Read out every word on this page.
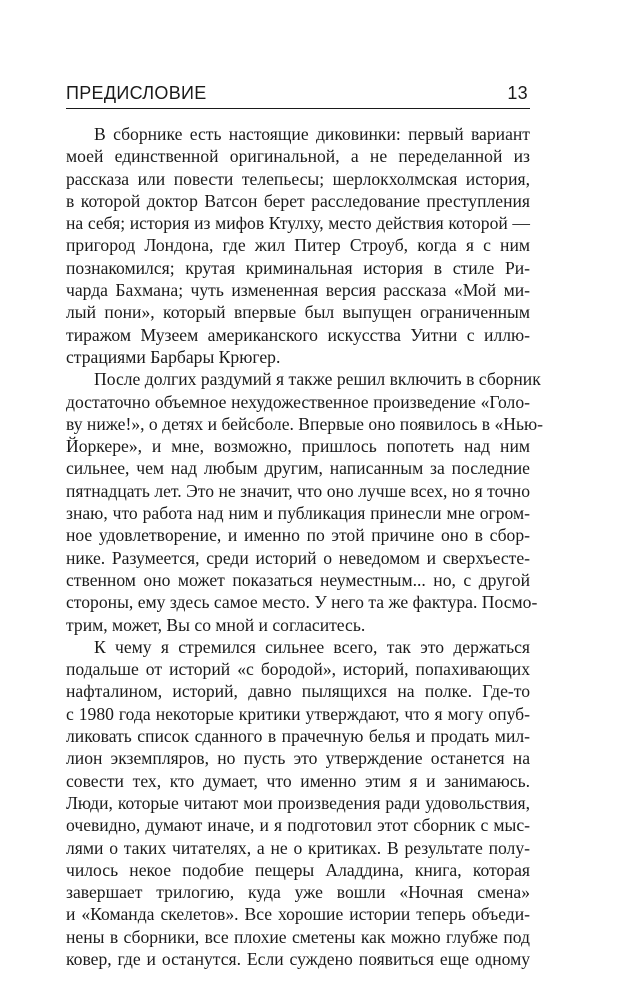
ПРЕДИСЛОВИЕ	13
В сборнике есть настоящие диковинки: первый вариант
моей единственной оригинальной, а не переделанной из
рассказа или повести телепьесы; шерлокхолмская история,
в которой доктор Ватсон берет расследование преступления
на себя; история из мифов Ктулху, место действия которой —
пригород Лондона, где жил Питер Строуб, когда я с ним
познакомился; крутая криминальная история в стиле Ри-
чарда Бахмана; чуть измененная версия рассказа «Мой ми-
лый пони», который впервые был выпущен ограниченным
тиражом Музеем американского искусства Уитни с иллю-
страциями Барбары Крюгер.
После долгих раздумий я также решил включить в сборник
достаточно объемное нехудожественное произведение «Голо-
ву ниже!», о детях и бейсболе. Впервые оно появилось в «Нью-
Йоркере», и мне, возможно, пришлось попотеть над ним
сильнее, чем над любым другим, написанным за последние
пятнадцать лет. Это не значит, что оно лучше всех, но я точно
знаю, что работа над ним и публикация принесли мне огром-
ное удовлетворение, и именно по этой причине оно в сбор-
нике. Разумеется, среди историй о неведомом и сверхъесте-
ственном оно может показаться неуместным... но, с другой
стороны, ему здесь самое место. У него та же фактура. Посмо-
трим, может, Вы со мной и согласитесь.
К чему я стремился сильнее всего, так это держаться
подальше от историй «с бородой», историй, попахивающих
нафталином, историй, давно пылящихся на полке. Где-то
с 1980 года некоторые критики утверждают, что я могу опуб-
ликовать список сданного в прачечную белья и продать мил-
лион экземпляров, но пусть это утверждение останется на
совести тех, кто думает, что именно этим я и занимаюсь.
Люди, которые читают мои произведения ради удовольствия,
очевидно, думают иначе, и я подготовил этот сборник с мыс-
лями о таких читателях, а не о критиках. В результате полу-
чилось некое подобие пещеры Аладдина, книга, которая
завершает трилогию, куда уже вошли «Ночная смена»
и «Команда скелетов». Все хорошие истории теперь объеди-
нены в сборники, все плохие сметены как можно глубже под
ковер, где и останутся. Если суждено появиться еще одному
